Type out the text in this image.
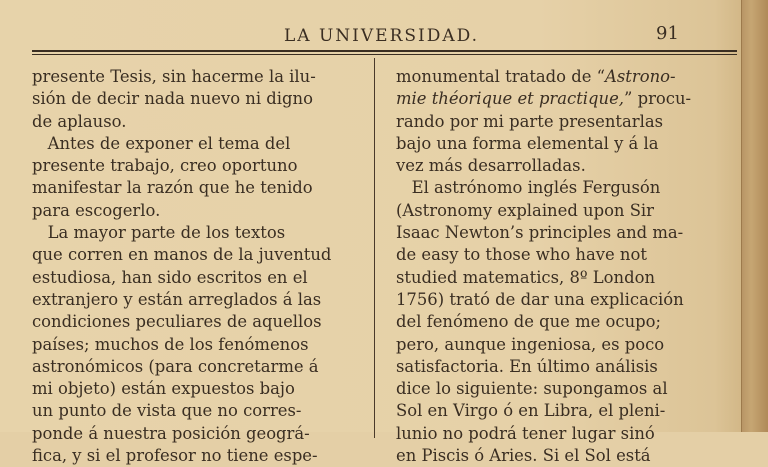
LA UNIVERSIDAD.	91
presente Tesis, sin hacerme la ilu-
sión de decir nada nuevo ni digno
de aplauso.
Antes de exponer el tema del
presente trabajo, creo oportuno
manifestar la razón que he tenido
para escogerlo.
La mayor parte de los textos
que corren en manos de la juventud
estudiosa, han sido escritos en el
extranjero y están arreglados á las
condiciones peculiares de aquellos
países; muchos de los fenómenos
astronómicos (para concretarme á
mi objeto) están expuestos bajo
un punto de vista que no corres-
ponde á nuestra posición geográ-
fica, y si el profesor no tiene espe-
monumental tratado de “Astrono-
mie théorique et practique,” procu-
rando por mi parte presentarlas
bajo una forma elemental y á la
vez más desarrolladas.
El astrónomo inglés Fergusón
(Astronomy explained upon Sir
Isaac Newton’s principles and ma-
de easy to those who have not
studied matematics, 8º London
1756) trató de dar una explicación
del fenómeno de que me ocupo;
pero, aunque ingeniosa, es poco
satisfactoria. En último análisis
dice lo siguiente: supongamos al
Sol en Virgo ó en Libra, el pleni-
lunio no podrá tener lugar sinó
en Piscis ó Aries. Si el Sol está
